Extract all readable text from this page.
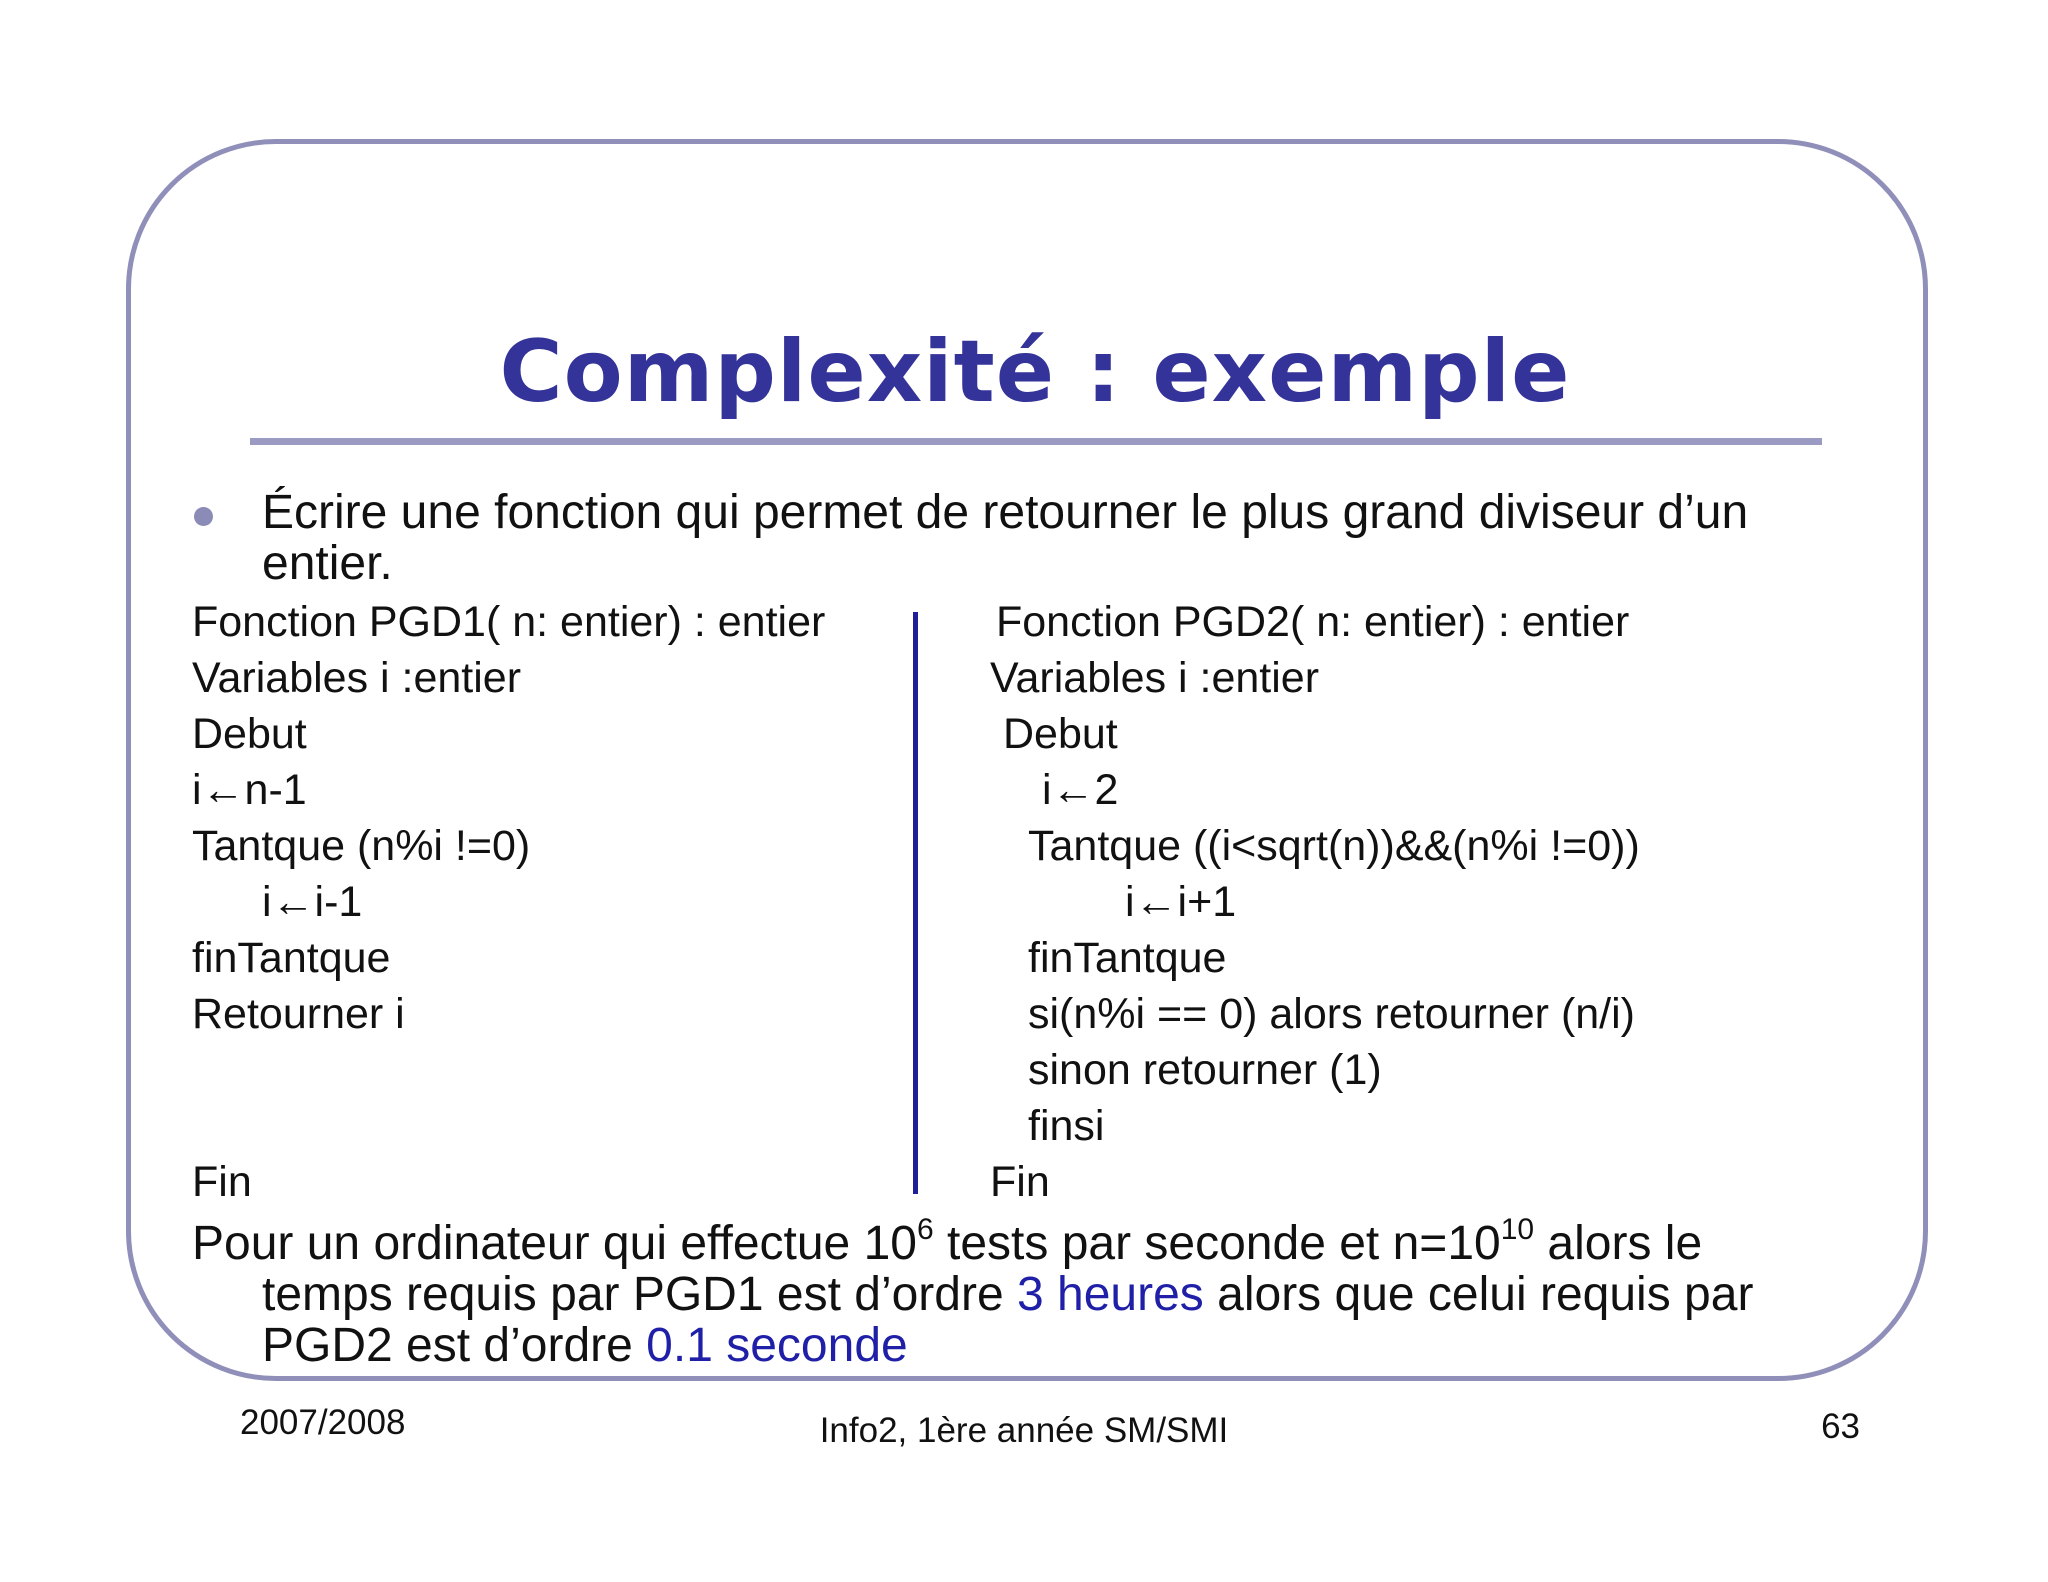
Complexité : exemple
Écrire une fonction qui permet de retourner le plus grand diviseur d’un entier.
Fonction PGD1( n: entier) : entier
Variables i :entier
Debut
i←n-1
Tantque (n%i !=0)
i←i-1
finTantque
Retourner i
Fin
Fonction PGD2( n: entier) : entier
Variables i :entier
Debut
i←2
Tantque ((i<sqrt(n))&&(n%i !=0))
i←i+1
finTantque
si(n%i == 0) alors retourner (n/i)
sinon retourner (1)
finsi
Fin
Pour un ordinateur qui effectue $10^6$ tests par seconde et $n=10^{10}$ alors le
temps requis par PGD1 est d’ordre 3 heures alors que celui requis par
PGD2 est d’ordre 0.1 seconde
2007/2008	Info2, 1ère année SM/SMI	63
